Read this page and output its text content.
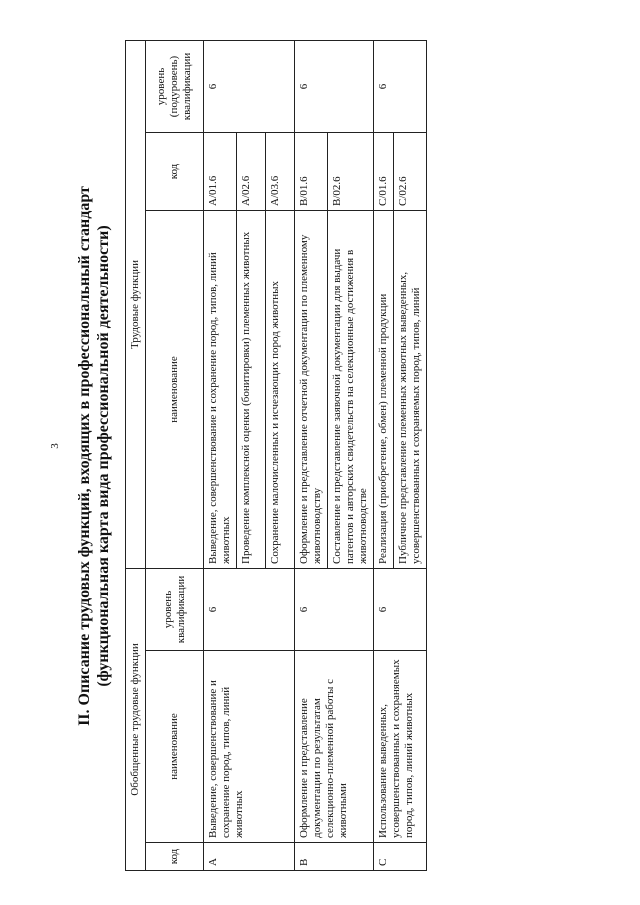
3 II. Описание трудовых функций, входящих в профессиональный стандарт (функциональная карта вида профессиональной деятельности)
Обобщенные трудовые функции			Трудовые функции		
код	наименование	уровень квалификации	наименование	код	уровень (подуровень) квалификации
A	Выведение, совершенствование и сохранение пород, типов, линий животных	6	Выведение, совершенствование и сохранение пород, типов, линий животных	A/01.6	6
			Проведение комплексной оценки (бонитировки) племенных животных	A/02.6	
			Сохранение малочисленных и исчезающих пород животных	A/03.6	
B	Оформление и представление документации по результатам селекционно-племенной работы с животными	6	Оформление и представление отчетной документации по племенному животноводству	B/01.6	6
			Составление и представление заявочной документации для выдачи патентов и авторских свидетельств на селекционные достижения в животноводстве	B/02.6	
C	Использование выведенных, усовершенствованных и сохраняемых пород, типов, линий животных	6	Реализация (приобретение, обмен) племенной продукции	C/01.6	6
			Публичное представление племенных животных выведенных, усовершенствованных и сохраняемых пород, типов, линий	C/02.6	
